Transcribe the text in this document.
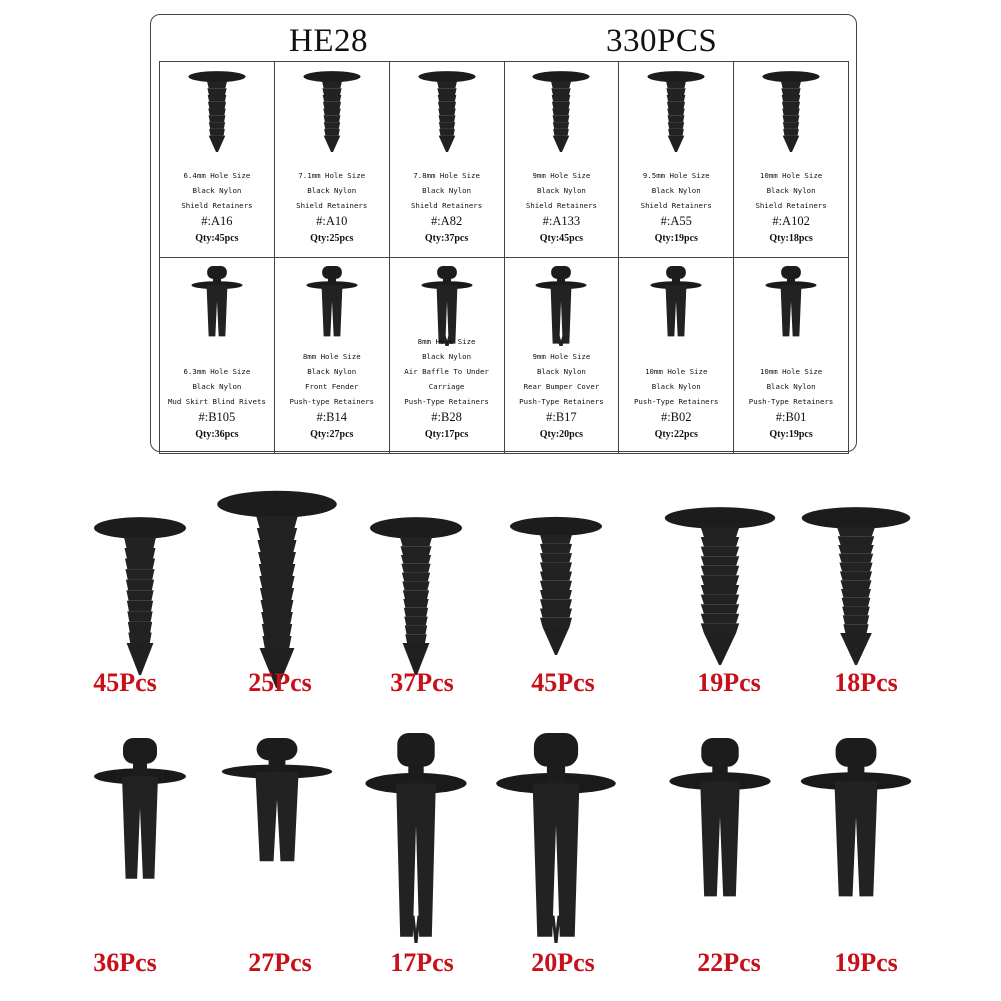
HE28	330PCS
6.4mm Hole Size
Black Nylon
Shield Retainers
#:A16
Qty:45pcs
7.1mm Hole Size
Black Nylon
Shield Retainers
#:A10
Qty:25pcs
7.8mm Hole Size
Black Nylon
Shield Retainers
#:A82
Qty:37pcs
9mm Hole Size
Black Nylon
Shield Retainers
#:A133
Qty:45pcs
9.5mm Hole Size
Black Nylon
Shield Retainers
#:A55
Qty:19pcs
10mm Hole Size
Black Nylon
Shield Retainers
#:A102
Qty:18pcs
6.3mm Hole Size
Black Nylon
Mud Skirt Blind Rivets
#:B105
Qty:36pcs
8mm Hole Size
Black Nylon
Front Fender
Push-type Retainers
#:B14
Qty:27pcs
8mm Hole Size
Black Nylon
Air Baffle To Under Carriage
Push-Type Retainers
#:B28
Qty:17pcs
9mm Hole Size
Black Nylon
Rear Bumper Cover
Push-Type Retainers
#:B17
Qty:20pcs
10mm Hole Size
Black Nylon
Push-Type Retainers
#:B02
Qty:22pcs
10mm Hole Size
Black Nylon
Push-Type Retainers
#:B01
Qty:19pcs
45Pcs	25Pcs	37Pcs	45Pcs	19Pcs	18Pcs
36Pcs	27Pcs	17Pcs	20Pcs	22Pcs	19Pcs
